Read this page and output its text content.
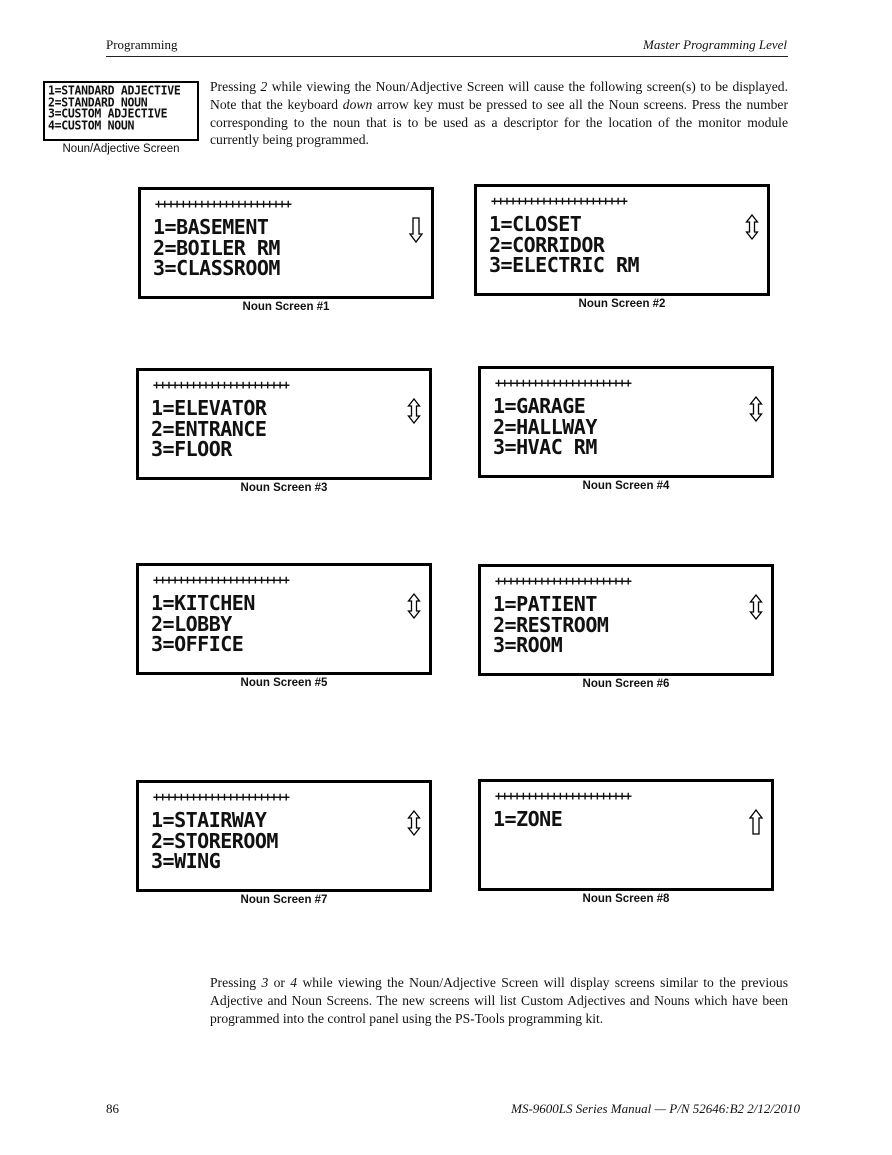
Programming	Master Programming Level
1=STANDARD ADJECTIVE
2=STANDARD NOUN
3=CUSTOM ADJECTIVE
4=CUSTOM NOUN
Noun/Adjective Screen
Pressing 2 while viewing the Noun/Adjective Screen will cause the following screen(s) to be displayed. Note that the keyboard down arrow key must be pressed to see all the Noun screens. Press the number corresponding to the noun that is to be used as a descriptor for the location of the monitor module currently being programmed.
++++++++++++++++++++++
1=BASEMENT
2=BOILER RM
3=CLASSROOM
Noun Screen #1
++++++++++++++++++++++
1=CLOSET
2=CORRIDOR
3=ELECTRIC RM
Noun Screen #2
++++++++++++++++++++++
1=ELEVATOR
2=ENTRANCE
3=FLOOR
Noun Screen #3
++++++++++++++++++++++
1=GARAGE
2=HALLWAY
3=HVAC RM
Noun Screen #4
++++++++++++++++++++++
1=KITCHEN
2=LOBBY
3=OFFICE
Noun Screen #5
++++++++++++++++++++++
1=PATIENT
2=RESTROOM
3=ROOM
Noun Screen #6
++++++++++++++++++++++
1=STAIRWAY
2=STOREROOM
3=WING
Noun Screen #7
++++++++++++++++++++++
1=ZONE
Noun Screen #8
Pressing 3 or 4 while viewing the Noun/Adjective Screen will display screens similar to the previous Adjective and Noun Screens. The new screens will list Custom Adjectives and Nouns which have been programmed into the control panel using the PS-Tools programming kit.
86	MS-9600LS Series Manual — P/N 52646:B2 2/12/2010
